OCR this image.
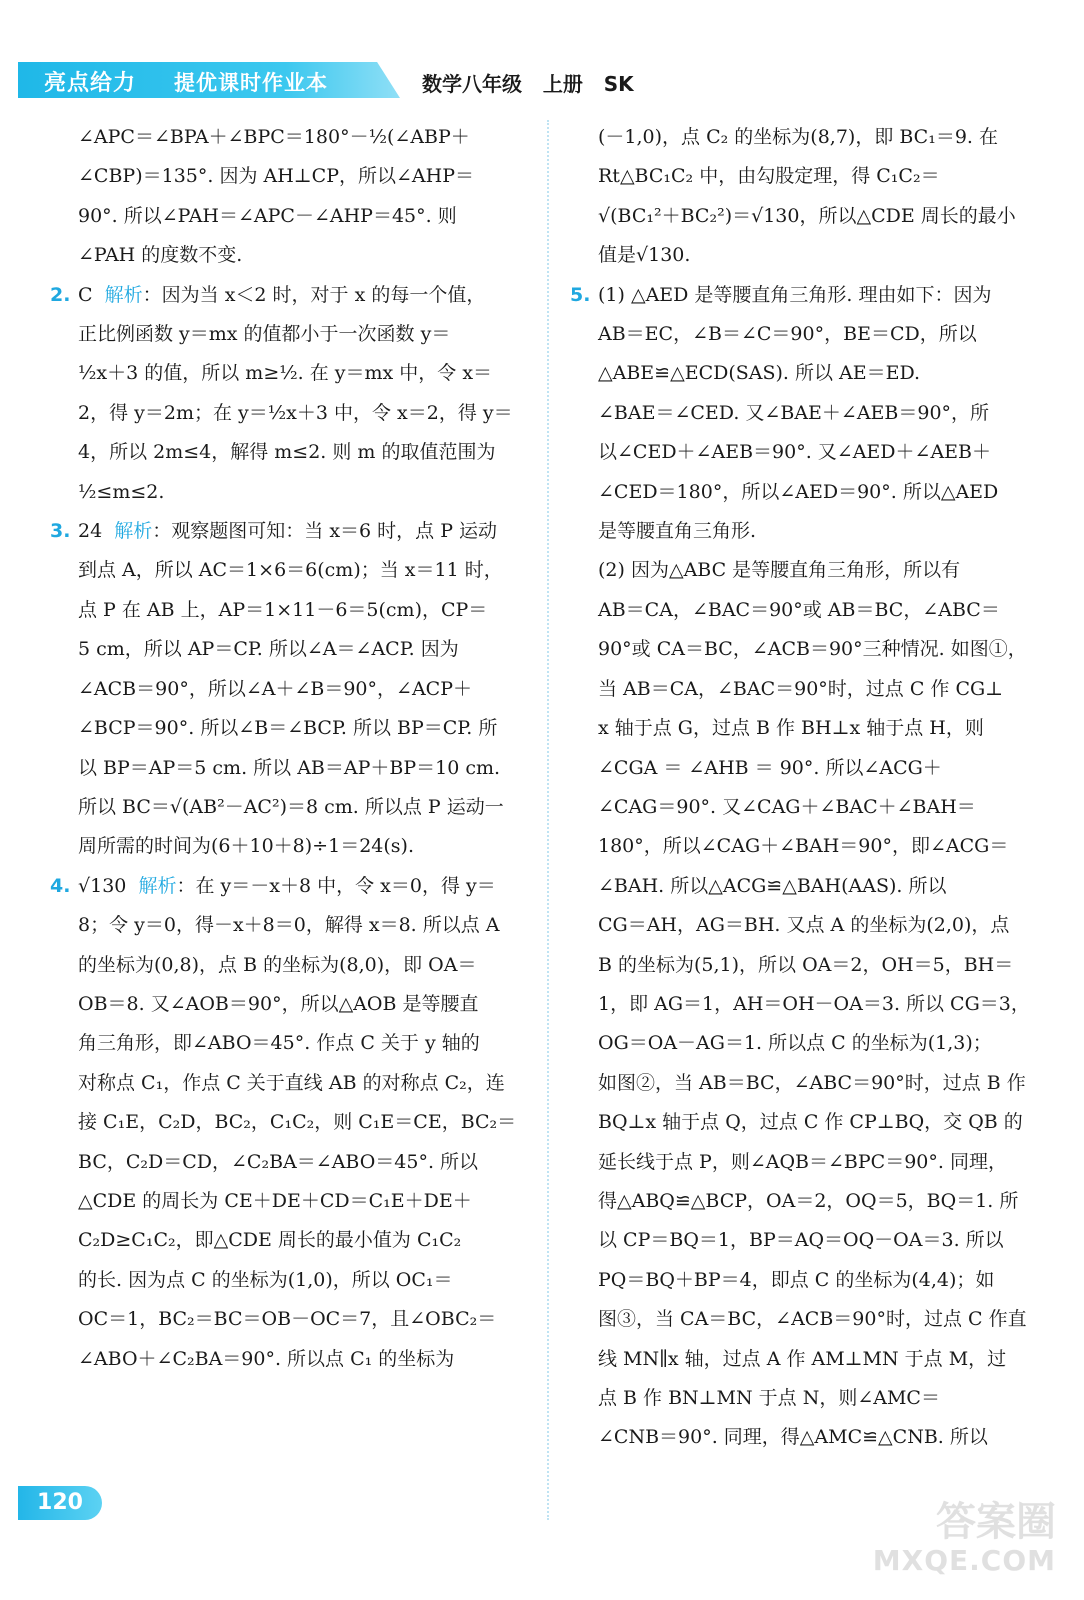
亮点给力 提优课时作业本	数学八年级   上册   SK

∠APC＝∠BPA＋∠BPC＝180°－½(∠ABP＋

∠CBP)＝135°. 因为 AH⊥CP，所以∠AHP＝

90°. 所以∠PAH＝∠APC－∠AHP＝45°. 则

∠PAH 的度数不变.

2. C 解析：因为当 x＜2 时，对于 x 的每一个值，

正比例函数 y＝mx 的值都小于一次函数 y＝

½x＋3 的值，所以 m≥½. 在 y＝mx 中，令 x＝

2，得 y＝2m；在 y＝½x＋3 中，令 x＝2，得 y＝

4，所以 2m≤4，解得 m≤2. 则 m 的取值范围为

½≤m≤2.

3. 24 解析：观察题图可知：当 x＝6 时，点 P 运动

到点 A，所以 AC＝1×6＝6(cm)；当 x＝11 时，

点 P 在 AB 上，AP＝1×11－6＝5(cm)，CP＝

5 cm，所以 AP＝CP. 所以∠A＝∠ACP. 因为

∠ACB＝90°，所以∠A＋∠B＝90°，∠ACP＋

∠BCP＝90°. 所以∠B＝∠BCP. 所以 BP＝CP. 所

以 BP＝AP＝5 cm. 所以 AB＝AP＋BP＝10 cm.

所以 BC＝√(AB²－AC²)＝8 cm. 所以点 P 运动一

周所需的时间为(6＋10＋8)÷1＝24(s).

4. √130 解析：在 y＝－x＋8 中，令 x＝0，得 y＝

8；令 y＝0，得－x＋8＝0，解得 x＝8. 所以点 A

的坐标为(0,8)，点 B 的坐标为(8,0)，即 OA＝

OB＝8. 又∠AOB＝90°，所以△AOB 是等腰直

角三角形，即∠ABO＝45°. 作点 C 关于 y 轴的

对称点 C₁，作点 C 关于直线 AB 的对称点 C₂，连

接 C₁E，C₂D，BC₂，C₁C₂，则 C₁E＝CE，BC₂＝

BC，C₂D＝CD，∠C₂BA＝∠ABO＝45°. 所以

△CDE 的周长为 CE＋DE＋CD＝C₁E＋DE＋

C₂D≥C₁C₂，即△CDE 周长的最小值为 C₁C₂

的长. 因为点 C 的坐标为(1,0)，所以 OC₁＝

OC＝1，BC₂＝BC＝OB－OC＝7，且∠OBC₂＝

∠ABO＋∠C₂BA＝90°. 所以点 C₁ 的坐标为

(－1,0)，点 C₂ 的坐标为(8,7)，即 BC₁＝9. 在

Rt△BC₁C₂ 中，由勾股定理，得 C₁C₂＝

√(BC₁²＋BC₂²)＝√130，所以△CDE 周长的最小

值是√130.

5. (1) △AED 是等腰直角三角形. 理由如下：因为

AB＝EC，∠B＝∠C＝90°，BE＝CD，所以

△ABE≌△ECD(SAS). 所以 AE＝ED.

∠BAE＝∠CED. 又∠BAE＋∠AEB＝90°，所

以∠CED＋∠AEB＝90°. 又∠AED＋∠AEB＋

∠CED＝180°，所以∠AED＝90°. 所以△AED

是等腰直角三角形.

(2) 因为△ABC 是等腰直角三角形，所以有

AB＝CA，∠BAC＝90°或 AB＝BC，∠ABC＝

90°或 CA＝BC，∠ACB＝90°三种情况. 如图①，

当 AB＝CA，∠BAC＝90°时，过点 C 作 CG⊥

x 轴于点 G，过点 B 作 BH⊥x 轴于点 H，则

∠CGA ＝ ∠AHB ＝ 90°. 所以∠ACG＋

∠CAG＝90°. 又∠CAG＋∠BAC＋∠BAH＝

180°，所以∠CAG＋∠BAH＝90°，即∠ACG＝

∠BAH. 所以△ACG≌△BAH(AAS). 所以

CG＝AH，AG＝BH. 又点 A 的坐标为(2,0)，点

B 的坐标为(5,1)，所以 OA＝2，OH＝5，BH＝

1，即 AG＝1，AH＝OH－OA＝3. 所以 CG＝3，

OG＝OA－AG＝1. 所以点 C 的坐标为(1,3)；

如图②，当 AB＝BC，∠ABC＝90°时，过点 B 作

BQ⊥x 轴于点 Q，过点 C 作 CP⊥BQ，交 QB 的

延长线于点 P，则∠AQB＝∠BPC＝90°. 同理，

得△ABQ≌△BCP，OA＝2，OQ＝5，BQ＝1. 所

以 CP＝BQ＝1，BP＝AQ＝OQ－OA＝3. 所以

PQ＝BQ＋BP＝4，即点 C 的坐标为(4,4)；如

图③，当 CA＝BC，∠ACB＝90°时，过点 C 作直

线 MN∥x 轴，过点 A 作 AM⊥MN 于点 M，过

点 B 作 BN⊥MN 于点 N，则∠AMC＝

∠CNB＝90°. 同理，得△AMC≌△CNB. 所以

120	答案圈
MXQE.COM
